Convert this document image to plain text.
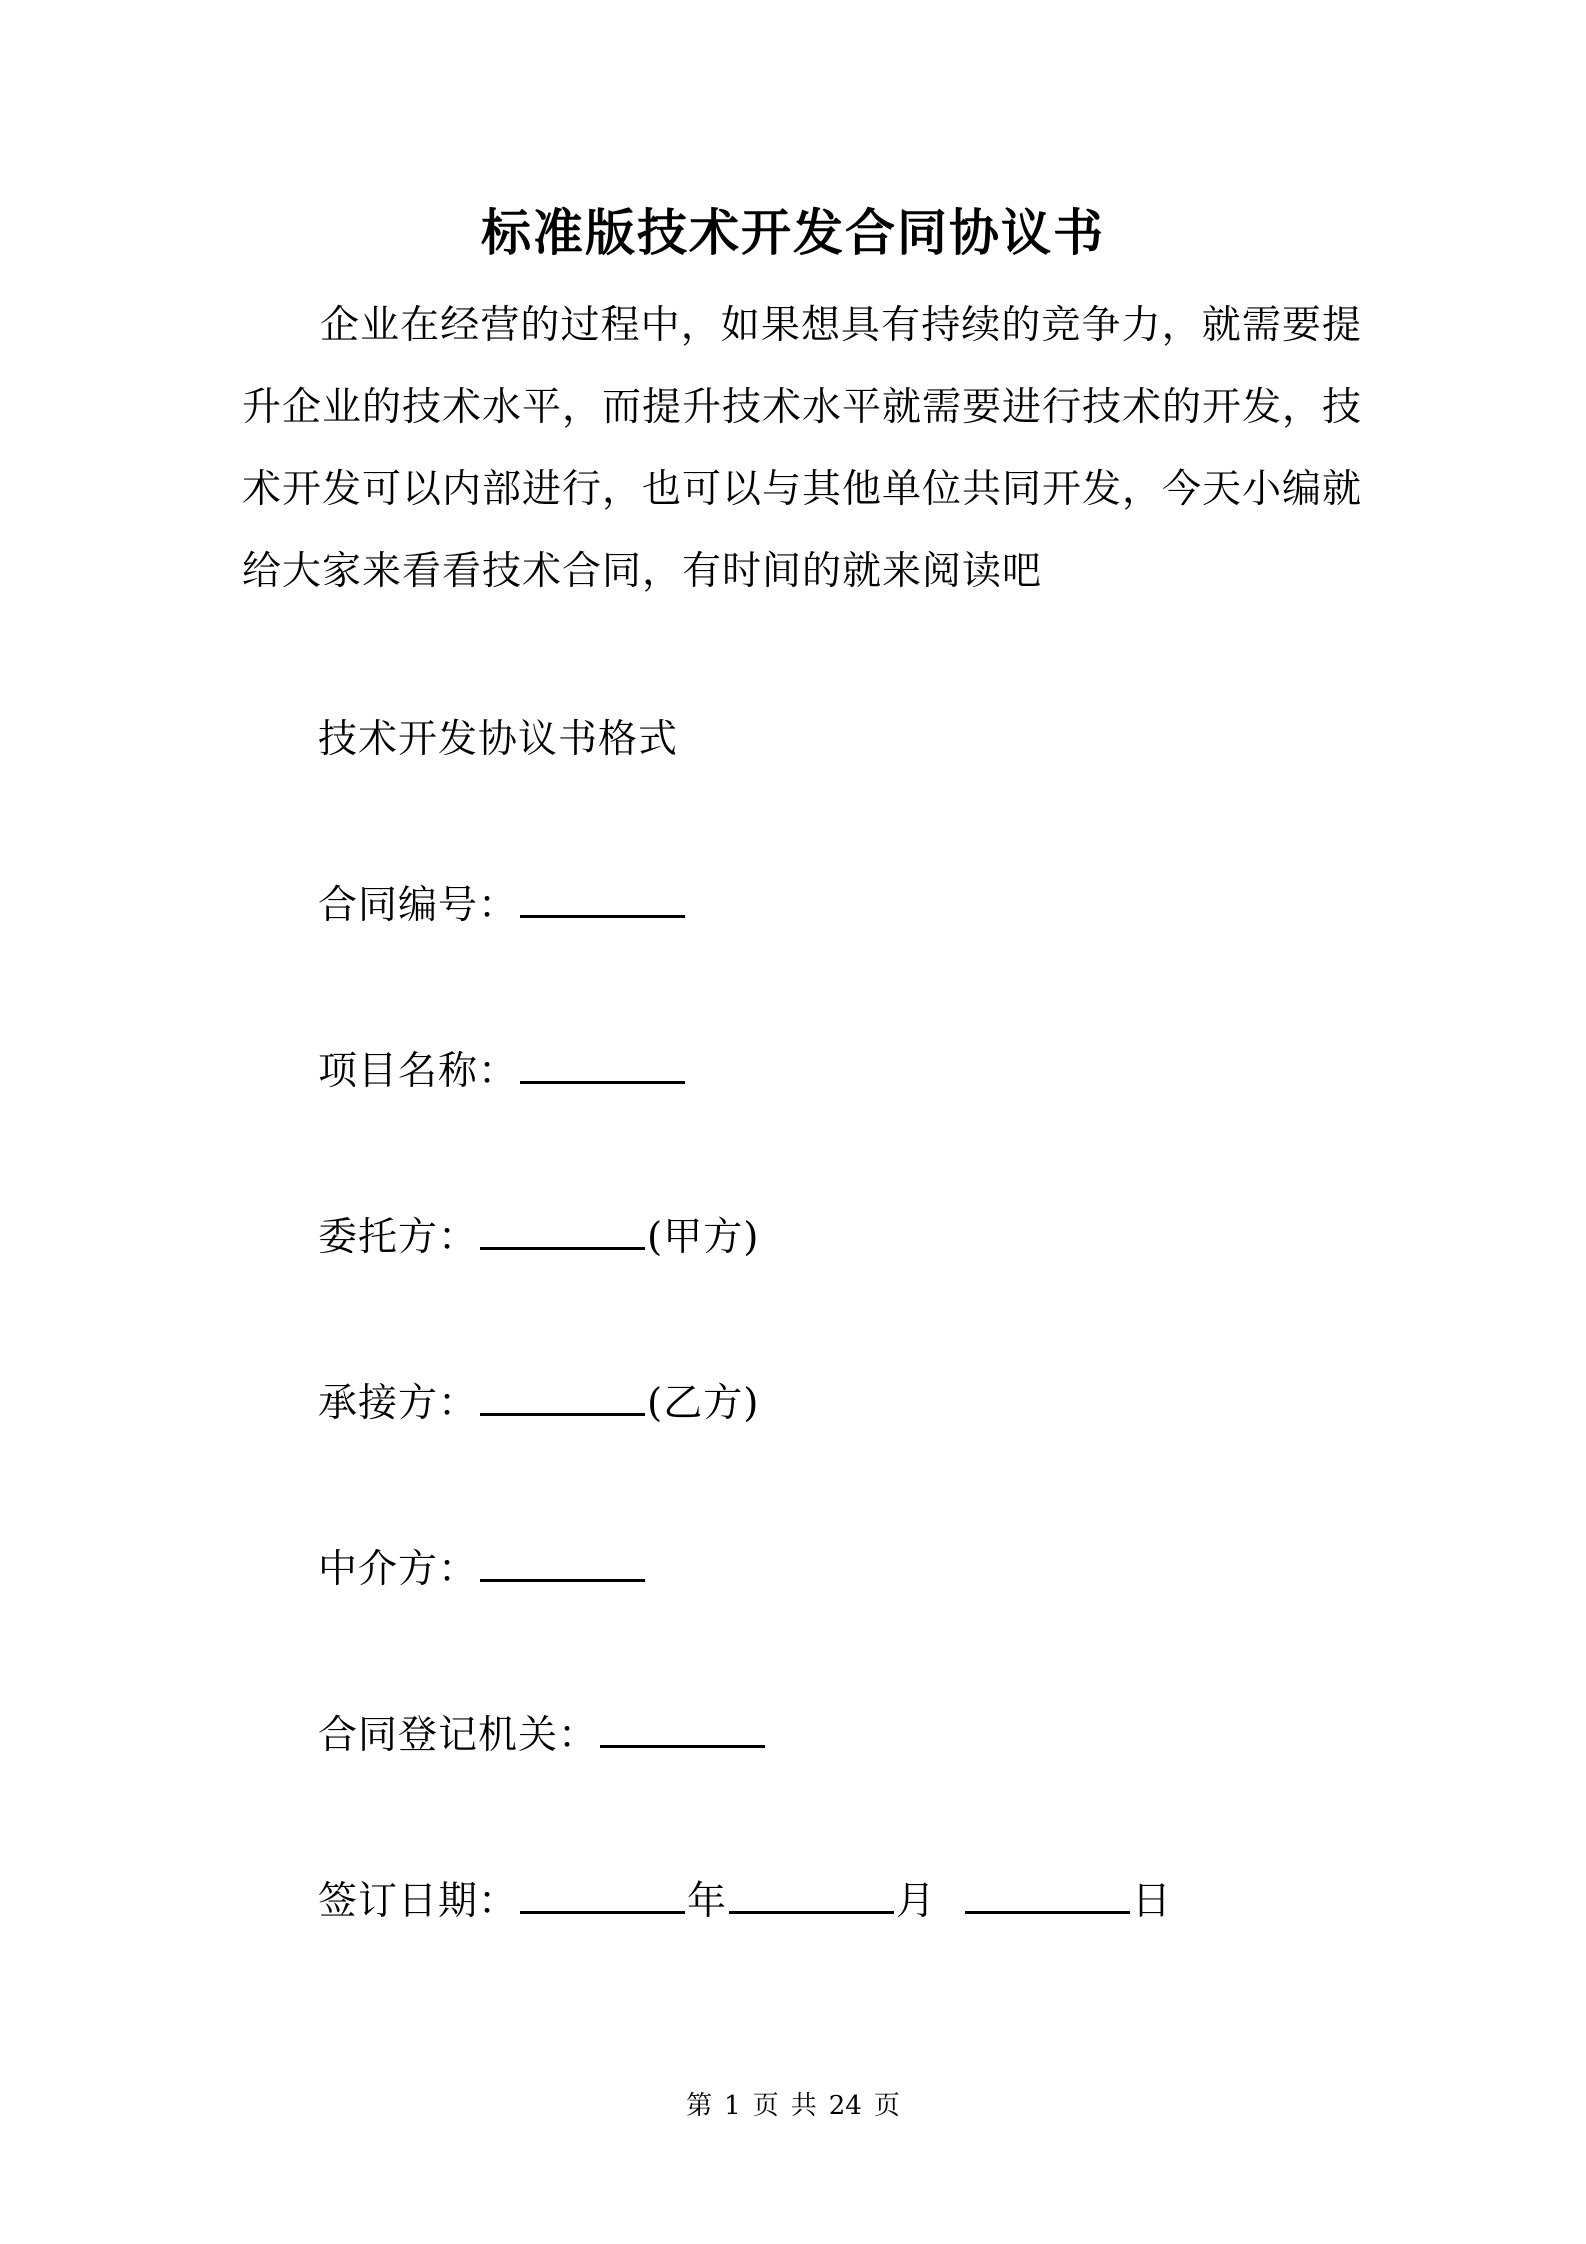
标准版技术开发合同协议书

企业在经营的过程中，如果想具有持续的竞争力，就需要提升企业的技术水平，而提升技术水平就需要进行技术的开发，技术开发可以内部进行，也可以与其他单位共同开发，今天小编就给大家来看看技术合同，有时间的就来阅读吧

技术开发协议书格式
合同编号：
项目名称：
委托方：	(甲方)
承接方：	(乙方)
中介方：
合同登记机关：
签订日期：	年	月	日
第 1 页 共 24 页
